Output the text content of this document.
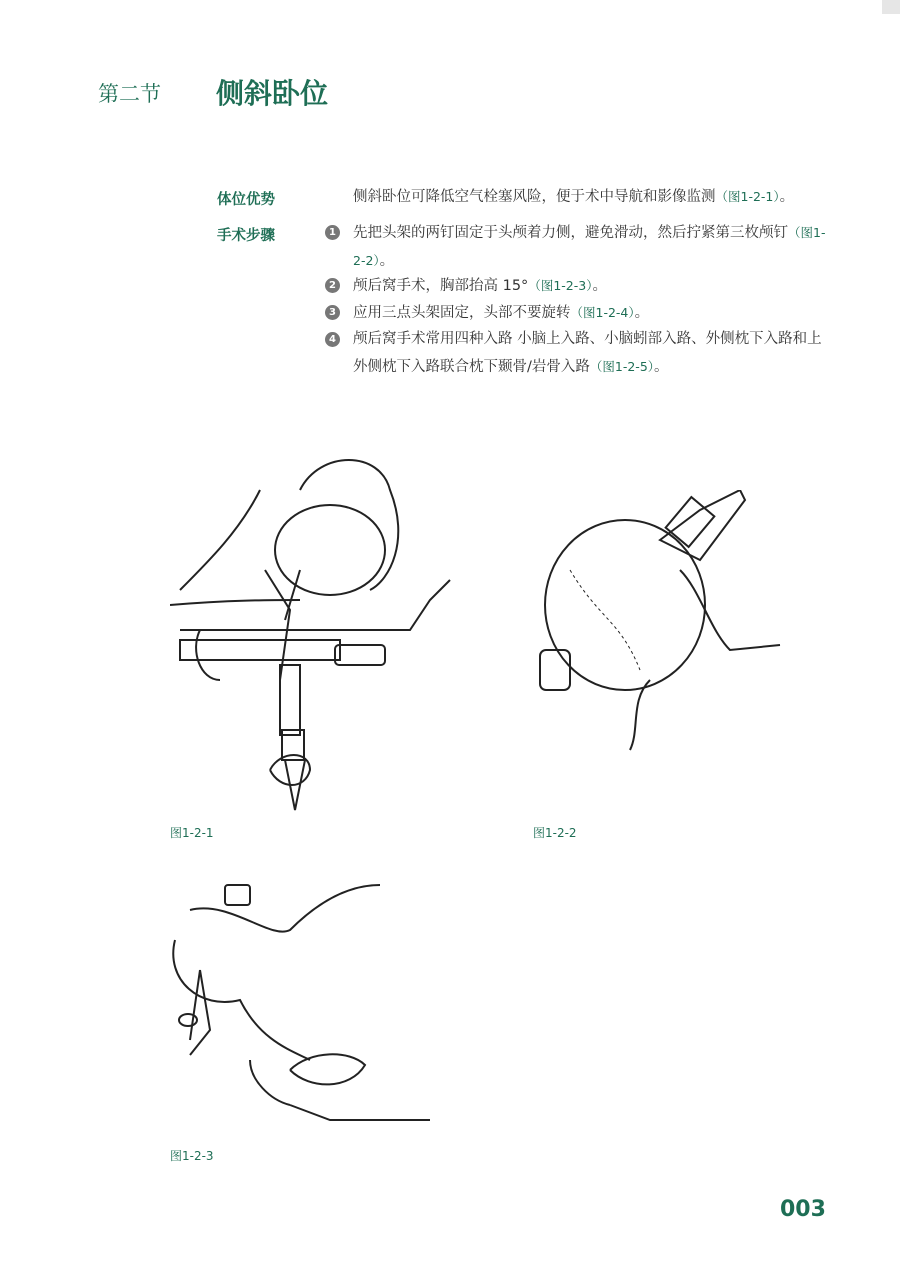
第二节 侧斜卧位
体位优势	侧斜卧位可降低空气栓塞风险，便于术中导航和影像监测（图1-2-1）。
手术步骤	1 先把头架的两钉固定于头颅着力侧，避免滑动，然后拧紧第三枚颅钉（图1-2-2）。
2 颅后窝手术，胸部抬高 15°（图1-2-3）。
3 应用三点头架固定，头部不要旋转（图1-2-4）。
4 颅后窝手术常用四种入路 小脑上入路、小脑蚓部入路、外侧枕下入路和上外侧枕下入路联合枕下颞骨/岩骨入路（图1-2-5）。
图1-2-1	图1-2-2
图1-2-3
003
